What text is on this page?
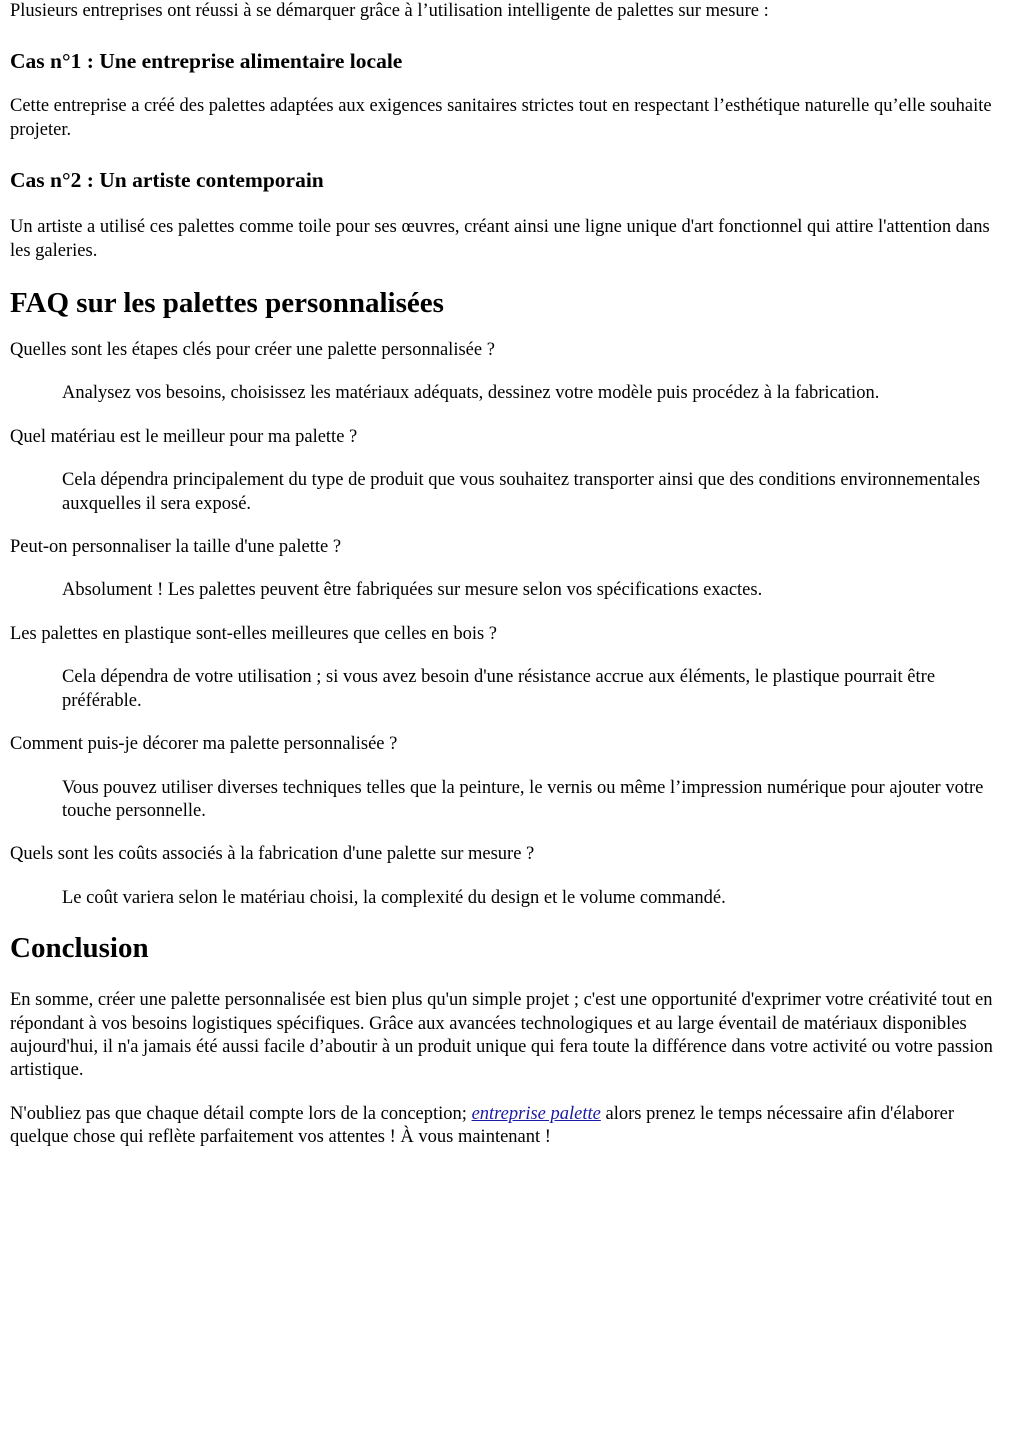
Plusieurs entreprises ont réussi à se démarquer grâce à l’utilisation intelligente de palettes sur mesure :

Cas n°1 : Une entreprise alimentaire locale

Cette entreprise a créé des palettes adaptées aux exigences sanitaires strictes tout en respectant l’esthétique naturelle qu’elle souhaite projeter.

Cas n°2 : Un artiste contemporain

Un artiste a utilisé ces palettes comme toile pour ses œuvres, créant ainsi une ligne unique d'art fonctionnel qui attire l'attention dans les galeries.

FAQ sur les palettes personnalisées
Quelles sont les étapes clés pour créer une palette personnalisée ?
Analysez vos besoins, choisissez les matériaux adéquats, dessinez votre modèle puis procédez à la fabrication.
Quel matériau est le meilleur pour ma palette ?
Cela dépendra principalement du type de produit que vous souhaitez transporter ainsi que des conditions environnementales auxquelles il sera exposé.
Peut-on personnaliser la taille d'une palette ?
Absolument ! Les palettes peuvent être fabriquées sur mesure selon vos spécifications exactes.
Les palettes en plastique sont-elles meilleures que celles en bois ?
Cela dépendra de votre utilisation ; si vous avez besoin d'une résistance accrue aux éléments, le plastique pourrait être préférable.
Comment puis-je décorer ma palette personnalisée ?
Vous pouvez utiliser diverses techniques telles que la peinture, le vernis ou même l’impression numérique pour ajouter votre touche personnelle.
Quels sont les coûts associés à la fabrication d'une palette sur mesure ?
Le coût variera selon le matériau choisi, la complexité du design et le volume commandé.
Conclusion

En somme, créer une palette personnalisée est bien plus qu'un simple projet ; c'est une opportunité d'exprimer votre créativité tout en répondant à vos besoins logistiques spécifiques. Grâce aux avancées technologiques et au large éventail de matériaux disponibles aujourd'hui, il n'a jamais été aussi facile d’aboutir à un produit unique qui fera toute la différence dans votre activité ou votre passion artistique.

N'oubliez pas que chaque détail compte lors de la conception; entreprise palette alors prenez le temps nécessaire afin d'élaborer quelque chose qui reflète parfaitement vos attentes ! À vous maintenant !
